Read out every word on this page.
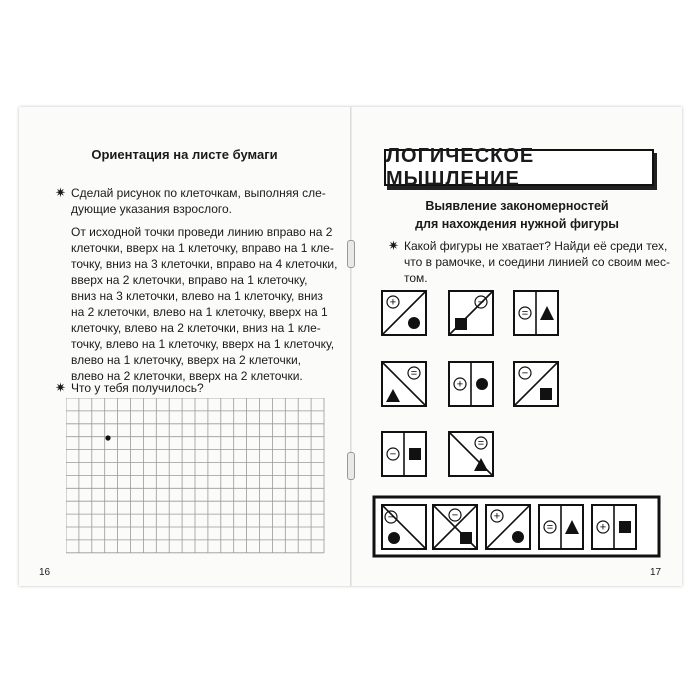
Ориентация на листе бумаги
✷ Сделай рисунок по клеточкам, выполняя сле-
дующие указания взрослого.
От исходной точки проведи линию вправо на 2
клеточки, вверх на 1 клеточку, вправо на 1 кле-
точку, вниз на 3 клеточки, вправо на 4 клеточки,
вверх на 2 клеточки, вправо на 1 клеточку,
вниз на 3 клеточки, влево на 1 клеточку, вниз
на 2 клеточки, влево на 1 клеточку, вверх на 1
клеточку, влево на 2 клеточки, вниз на 1 кле-
точку, влево на 1 клеточку, вверх на 1 клеточку,
влево на 1 клеточку, вверх на 2 клеточки,
влево на 2 клеточки, вверх на 2 клеточки.
✷ Что у тебя получилось?
16
ЛОГИЧЕСКОЕ МЫШЛЕНИЕ
Выявление закономерностей
для нахождения нужной фигуры
✷ Какой фигуры не хватает? Найди её среди тех,
что в рамочке, и соедини линией со своим мес-
том.
+	−
=
=
+
−
−
=
−	−	+
=	+
17
